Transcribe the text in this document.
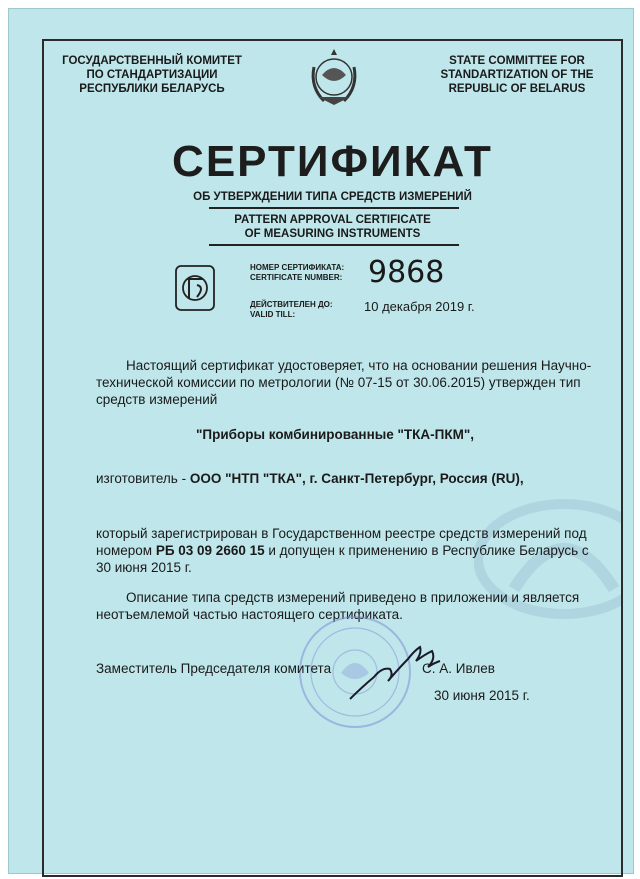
ГОСУДАРСТВЕННЫЙ КОМИТЕТ
ПО СТАНДАРТИЗАЦИИ
РЕСПУБЛИКИ БЕЛАРУСЬ
STATE COMMITTEE FOR
STANDARTIZATION OF THE
REPUBLIC OF BELARUS
СЕРТИФИКАТ
ОБ УТВЕРЖДЕНИИ ТИПА СРЕДСТВ ИЗМЕРЕНИЙ
PATTERN APPROVAL CERTIFICATE
OF MEASURING INSTRUMENTS
НОМЕР СЕРТИФИКАТА:
CERTIFICATE NUMBER: 9868
ДЕЙСТВИТЕЛЕН ДО:
VALID TILL:
10 декабря 2019 г.
Настоящий сертификат удостоверяет, что на основании решения Научно-технической комиссии по метрологии (№ 07-15 от 30.06.2015) утвержден тип средств измерений
"Приборы комбинированные "ТКА-ПКМ",
изготовитель - ООО "НТП "ТКА", г. Санкт-Петербург, Россия (RU),
который зарегистрирован в Государственном реестре средств измерений под номером РБ 03 09 2660 15 и допущен к применению в Республике Беларусь с 30 июня 2015 г.
Описание типа средств измерений приведено в приложении и является неотъемлемой частью настоящего сертификата.
Заместитель Председателя комитета	С. А. Ивлев
30 июня 2015 г.
